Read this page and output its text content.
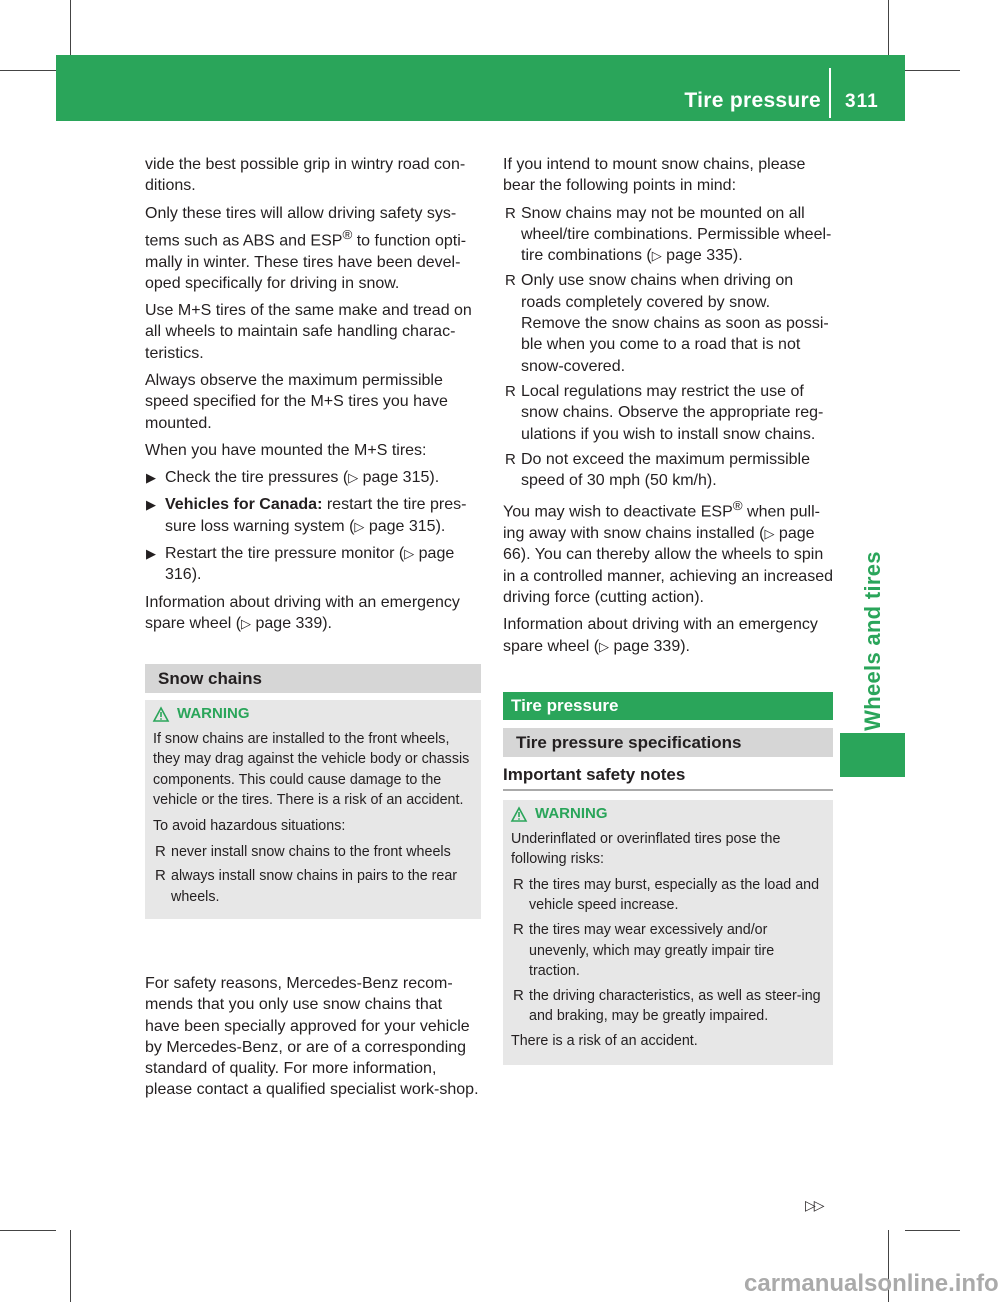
Tire pressure 311
Wheels and tires

vide the best possible grip in wintry road con-ditions.

Only these tires will allow driving safety sys-tems such as ABS and ESP® to function opti-mally in winter. These tires have been devel-oped specifically for driving in snow.

Use M+S tires of the same make and tread on all wheels to maintain safe handling charac-teristics.

Always observe the maximum permissible speed specified for the M+S tires you have mounted.

When you have mounted the M+S tires:

▶ Check the tire pressures (▷ page 315).
▶ Vehicles for Canada: restart the tire pres-sure loss warning system (▷ page 315).
▶ Restart the tire pressure monitor (▷ page 316).

Information about driving with an emergency spare wheel (▷ page 339).

Snow chains
WARNING

If snow chains are installed to the front wheels, they may drag against the vehicle body or chassis components. This could cause damage to the vehicle or the tires. There is a risk of an accident.

To avoid hazardous situations:

R never install snow chains to the front wheels
R always install snow chains in pairs to the rear wheels.

For safety reasons, Mercedes-Benz recom-mends that you only use snow chains that have been specially approved for your vehicle by Mercedes-Benz, or are of a corresponding standard of quality. For more information, please contact a qualified specialist work-shop.

If you intend to mount snow chains, please bear the following points in mind:

R Snow chains may not be mounted on all wheel/tire combinations. Permissible wheel-tire combinations (▷ page 335).
R Only use snow chains when driving on roads completely covered by snow. Remove the snow chains as soon as possi-ble when you come to a road that is not snow-covered.
R Local regulations may restrict the use of snow chains. Observe the appropriate reg-ulations if you wish to install snow chains.
R Do not exceed the maximum permissible speed of 30 mph (50 km/h).

You may wish to deactivate ESP® when pull-ing away with snow chains installed (▷ page 66). You can thereby allow the wheels to spin in a controlled manner, achieving an increased driving force (cutting action).

Information about driving with an emergency spare wheel (▷ page 339).

Tire pressure
Tire pressure specifications
Important safety notes
WARNING

Underinflated or overinflated tires pose the following risks:

R the tires may burst, especially as the load and vehicle speed increase.
R the tires may wear excessively and/or unevenly, which may greatly impair tire traction.
R the driving characteristics, as well as steer-ing and braking, may be greatly impaired.

There is a risk of an accident.

▷▷
carmanualsonline.info
